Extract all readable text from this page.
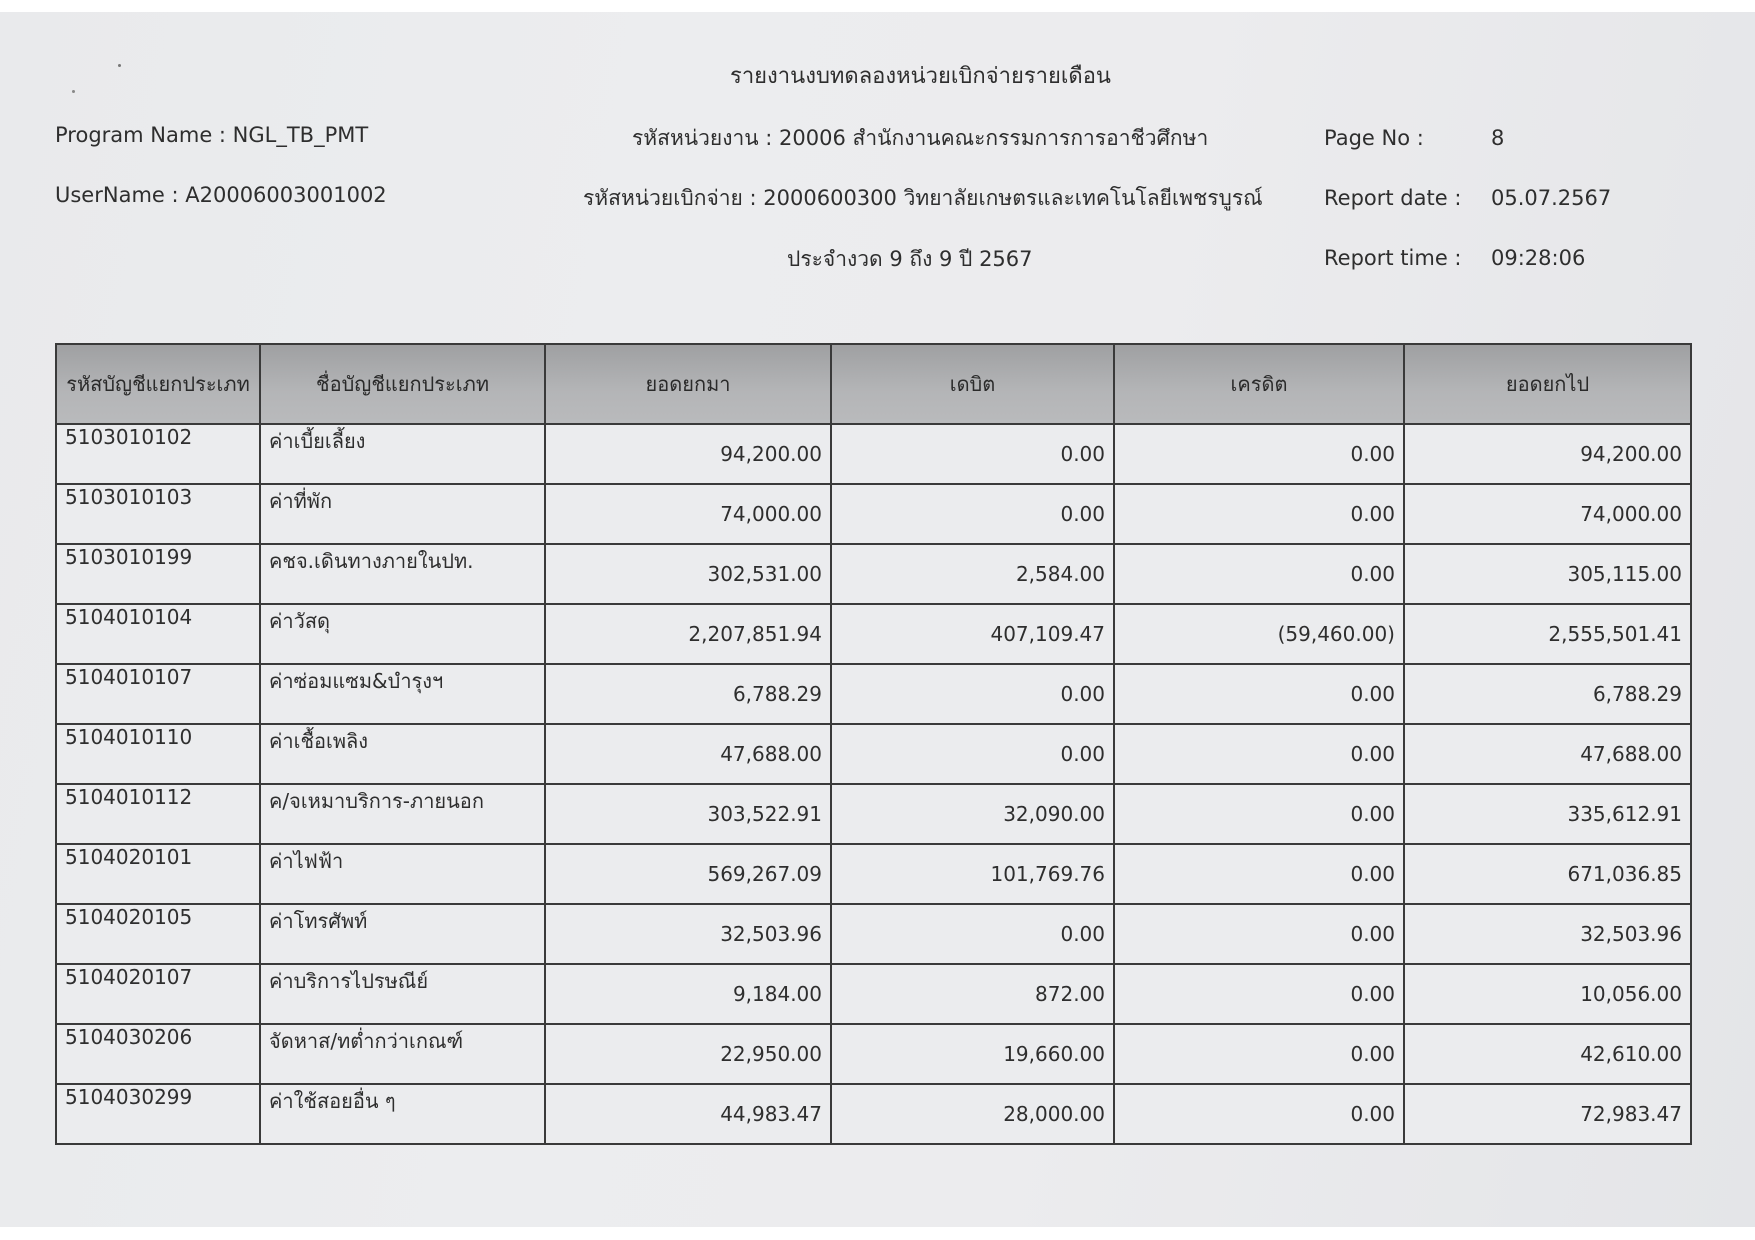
รายงานงบทดลองหน่วยเบิกจ่ายรายเดือน
Program Name : NGL_TB_PMT
UserName : A20006003001002
รหัสหน่วยงาน : 20006 สำนักงานคณะกรรมการการอาชีวศึกษา
รหัสหน่วยเบิกจ่าย : 2000600300 วิทยาลัยเกษตรและเทคโนโลยีเพชรบูรณ์
ประจำงวด 9 ถึง 9 ปี 2567
Page No :	8
Report date : 05.07.2567
Report time : 09:28:06
รหัสบัญชีแยกประเภท	ชื่อบัญชีแยกประเภท	ยอดยกมา	เดบิต	เครดิต	ยอดยกไป
5103010102	ค่าเบี้ยเลี้ยง	94,200.00	0.00	0.00	94,200.00
5103010103	ค่าที่พัก	74,000.00	0.00	0.00	74,000.00
5103010199	คชจ.เดินทางภายในปท.	302,531.00	2,584.00	0.00	305,115.00
5104010104	ค่าวัสดุ	2,207,851.94	407,109.47	(59,460.00)	2,555,501.41
5104010107	ค่าซ่อมแซม&บำรุงฯ	6,788.29	0.00	0.00	6,788.29
5104010110	ค่าเชื้อเพลิง	47,688.00	0.00	0.00	47,688.00
5104010112	ค/จเหมาบริการ-ภายนอก	303,522.91	32,090.00	0.00	335,612.91
5104020101	ค่าไฟฟ้า	569,267.09	101,769.76	0.00	671,036.85
5104020105	ค่าโทรศัพท์	32,503.96	0.00	0.00	32,503.96
5104020107	ค่าบริการไปรษณีย์	9,184.00	872.00	0.00	10,056.00
5104030206	จัดหาส/ทต่ำกว่าเกณฑ์	22,950.00	19,660.00	0.00	42,610.00
5104030299	ค่าใช้สอยอื่น ๆ	44,983.47	28,000.00	0.00	72,983.47
